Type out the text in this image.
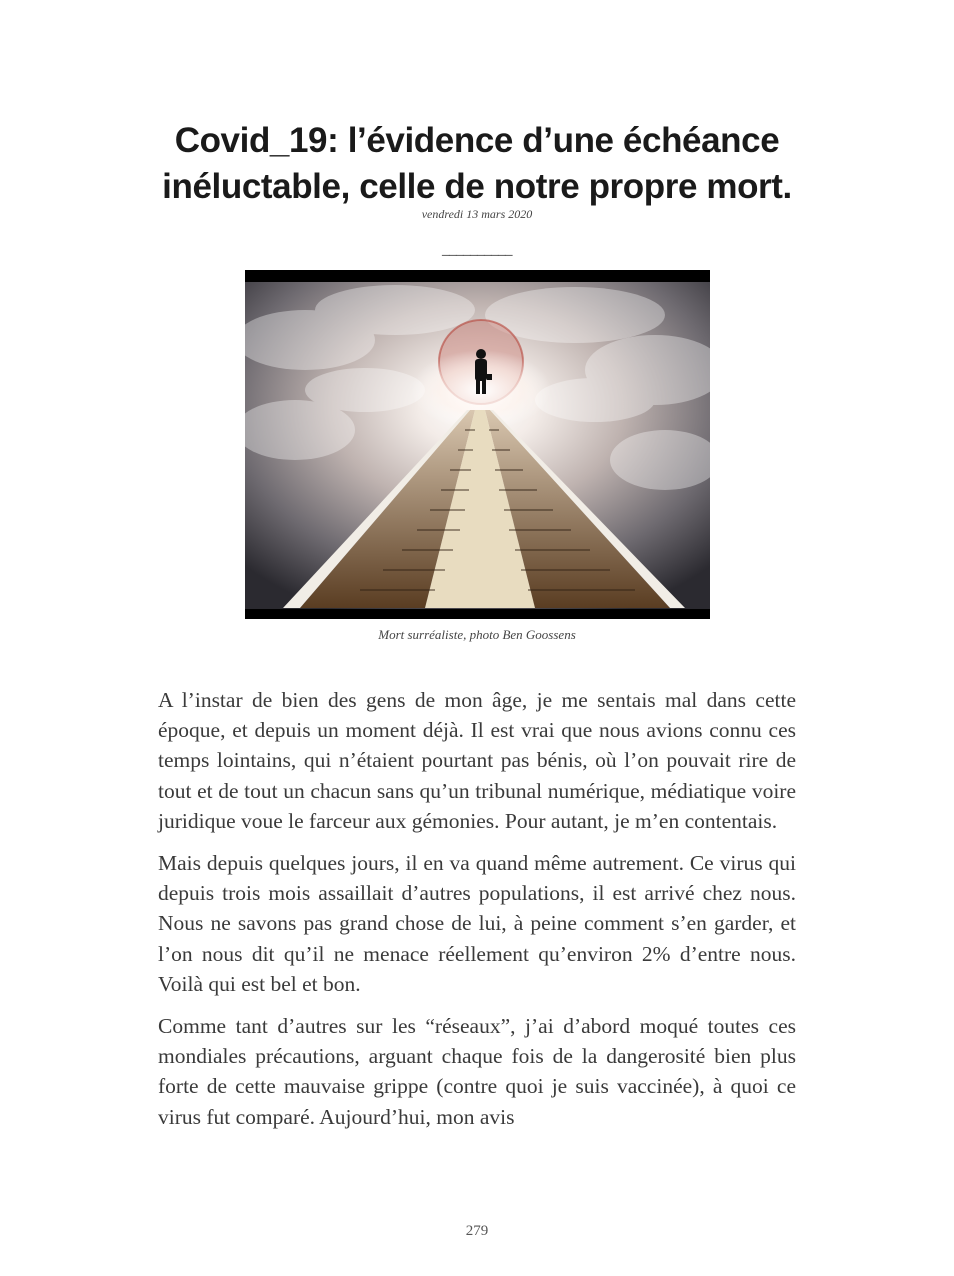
Covid_19: l’évidence d’une échéance
inéluctable, celle de notre propre mort.
vendredi 13 mars 2020
__________
Mort surréaliste, photo Ben Goossens

A l’instar de bien des gens de mon âge, je me sentais mal dans cette époque, et depuis un moment déjà. Il est vrai que nous avions connu ces temps lointains, qui n’étaient pourtant pas bénis, où l’on pouvait rire de tout et de tout un chacun sans qu’un tribunal numérique, médiatique voire juridique voue le farceur aux gémonies. Pour autant, je m’en contentais.

Mais depuis quelques jours, il en va quand même autrement. Ce virus qui depuis trois mois assaillait d’autres populations, il est arrivé chez nous. Nous ne savons pas grand chose de lui, à peine comment s’en garder, et l’on nous dit qu’il ne menace réellement qu’environ 2% d’entre nous. Voilà qui est bel et bon.

Comme tant d’autres sur les “réseaux”, j’ai d’abord moqué toutes ces mondiales précautions, arguant chaque fois de la dangerosité bien plus forte de cette mauvaise grippe (contre quoi je suis vaccinée), à quoi ce virus fut comparé. Aujourd’hui, mon avis

279
